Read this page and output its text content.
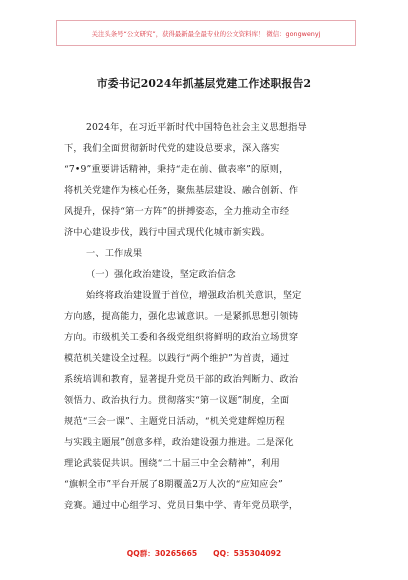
关注头条号“公文研究”，获得最新最全最专业的公文资料库！ 微信：gongwenyj
市委书记2024年抓基层党建工作述职报告2
2024年，在习近平新时代中国特色社会主义思想指导
下，我们全面贯彻新时代党的建设总要求，深入落实
“7•9”重要讲话精神，秉持“走在前、做表率”的原则，
将机关党建作为核心任务，聚焦基层建设、融合创新、作
风提升，保持“第一方阵”的拼搏姿态，全力推动全市经
济中心建设步伐，践行中国式现代化城市新实践。
一、工作成果
（一）强化政治建设，坚定政治信念
始终将政治建设置于首位，增强政治机关意识，坚定
方向感，提高能力，强化忠诚意识。一是紧抓思想引领铸
方向。市级机关工委和各级党组织将鲜明的政治立场贯穿
模范机关建设全过程。以践行“两个维护”为首责，通过
系统培训和教育，显著提升党员干部的政治判断力、政治
领悟力、政治执行力。贯彻落实“第一议题”制度，全面
规范“三会一课”、主题党日活动，“机关党建辉煌历程
与实践主题展”创意多样，政治建设强力推进。二是深化
理论武装促共识。围绕“二十届三中全会精神”，利用
“旗帜全市”平台开展了8期覆盖2万人次的“应知应会”
竞赛。通过中心组学习、党员日集中学、青年党员联学，
QQ群：30265665 QQ：535304092
